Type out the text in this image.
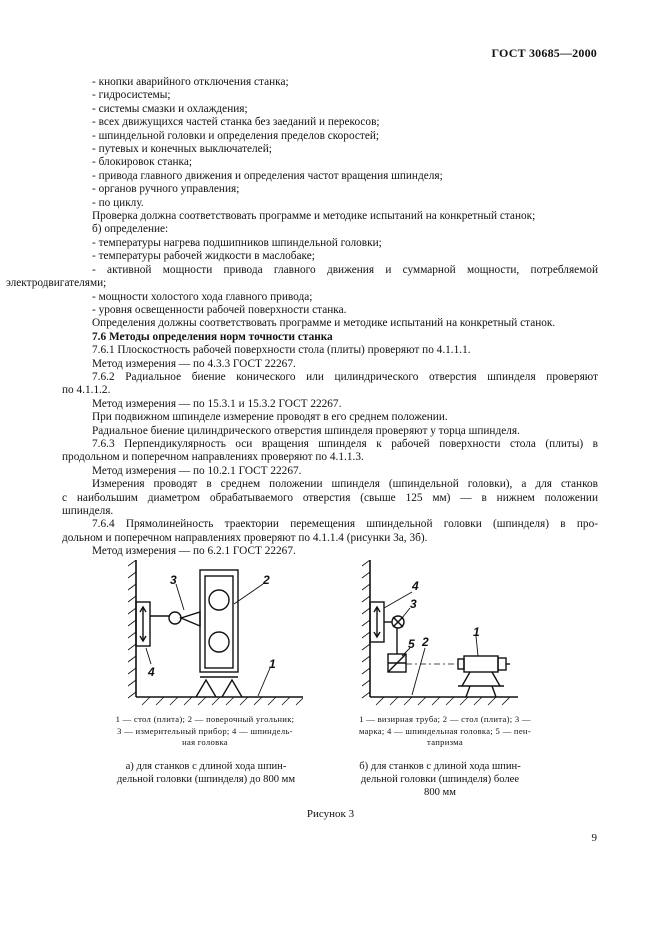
ГОСТ 30685—2000
- кнопки аварийного отключения станка;
- гидросистемы;
- системы смазки и охлаждения;
- всех движущихся частей станка без заеданий и перекосов;
- шпиндельной головки и определения пределов скоростей;
- путевых и конечных выключателей;
- блокировок станка;
- привода главного движения и определения частот вращения шпинделя;
- органов ручного управления;
- по циклу.
Проверка должна соответствовать программе и методике испытаний на конкретный станок;
б) определение:
- температуры нагрева подшипников шпиндельной головки;
- температуры рабочей жидкости в маслобаке;
- активной мощности привода главного движения и суммарной мощности, потребляемой
электродвигателями;
- мощности холостого хода главного привода;
- уровня освещенности рабочей поверхности станка.
Определения должны соответствовать программе и методике испытаний на конкретный станок.
7.6 Методы определения норм точности станка
7.6.1 Плоскостность рабочей поверхности стола (плиты) проверяют по 4.1.1.1.
Метод измерения — по 4.3.3 ГОСТ 22267.
7.6.2 Радиальное биение конического или цилиндрического отверстия шпинделя проверяют
по 4.1.1.2.
Метод измерения — по 15.3.1 и 15.3.2 ГОСТ 22267.
При подвижном шпинделе измерение проводят в его среднем положении.
Радиальное биение цилиндрического отверстия шпинделя проверяют у торца шпинделя.
7.6.3 Перпендикулярность оси вращения шпинделя к рабочей поверхности стола (плиты) в
продольном и поперечном направлениях проверяют по 4.1.1.3.
Метод измерения — по 10.2.1 ГОСТ 22267.
Измерения проводят в среднем положении шпинделя (шпиндельной головки), а для станков
с наибольшим диаметром обрабатываемого отверстия (свыше 125 мм) — в нижнем положении
шпинделя.
7.6.4 Прямолинейность траектории перемещения шпиндельной головки (шпинделя) в про-
дольном и поперечном направлениях проверяют по 4.1.1.4 (рисунки 3а, 3б).
Метод измерения — по 6.2.1 ГОСТ 22267.
3	2
4
1
4
3
5 2
1
1 — стол (плита); 2 — поверочный угольник;
3 — измерительный прибор; 4 — шпиндель-
ная головка
1 — визирная труба; 2 — стол (плита); 3 —
марка; 4 — шпиндельная головка; 5 — пен-
тапризма
а) для станков с длиной хода шпин-
дельной головки (шпинделя) до 800 мм
б) для станков с длиной хода шпин-
дельной головки (шпинделя) более
800 мм
Рисунок 3
9
